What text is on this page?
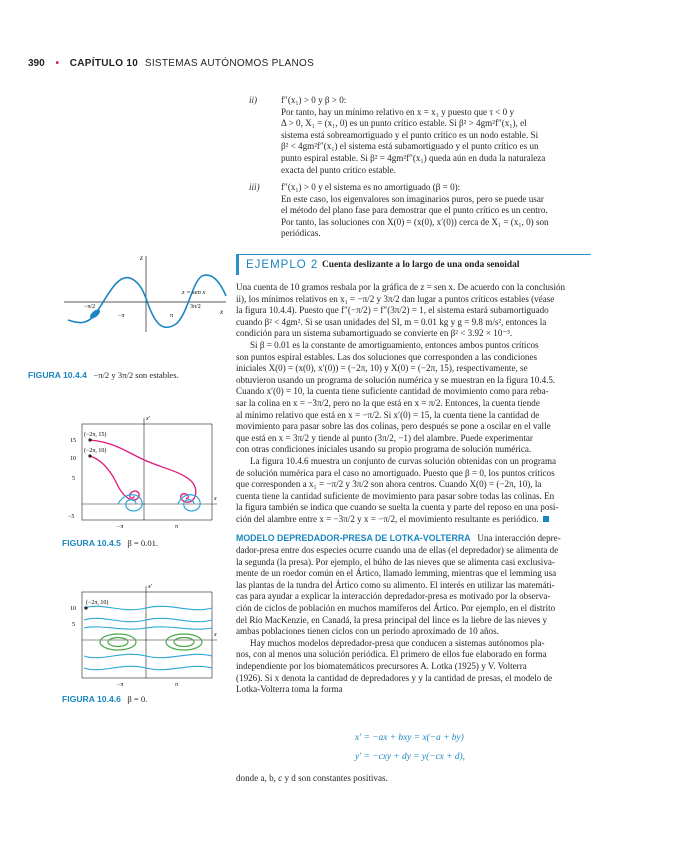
390 • CAPÍTULO 10 SISTEMAS AUTÓNOMOS PLANOS
ii)	f″(x₁) > 0 y β > 0:
Por tanto, hay un mínimo relativo en x = x₁ y puesto que τ < 0 y
Δ > 0, X₁ = (x₁, 0) es un punto crítico estable. Si β² > 4gm²f″(x₁), el
sistema está sobreamortiguado y el punto crítico es un nodo estable. Si
β² < 4gm²f″(x₁) el sistema está subamortiguado y el punto crítico es un
punto espiral estable. Si β² = 4gm²f″(x₁) queda aún en duda la naturaleza
exacta del punto crítico estable.
iii) f″(x₁) > 0 y el sistema es no amortiguado (β = 0):
En este caso, los eigenvalores son imaginarios puros, pero se puede usar
el método del plano fase para demostrar que el punto crítico es un centro.
Por tanto, las soluciones con X(0) = (x(0), x′(0)) cerca de X₁ = (x₁, 0) son
periódicas.
EJEMPLO 2 Cuenta deslizante a lo largo de una onda senoidal

Una cuenta de 10 gramos resbala por la gráfica de z = sen x. De acuerdo con la conclusión
ii), los mínimos relativos en x₁ = −π/2 y 3π/2 dan lugar a puntos críticos estables (véase
la figura 10.4.4). Puesto que f″(−π/2) = f″(3π/2) = 1, el sistema estará subamortiguado
cuando β² < 4gm². Si se usan unidades del SI, m = 0.01 kg y g = 9.8 m/s², entonces la
condición para un sistema subamortiguado se convierte en β² < 3.92 × 10⁻³.

Si β = 0.01 es la constante de amortiguamiento, entonces ambos puntos críticos
son puntos espiral estables. Las dos soluciones que corresponden a las condiciones
iniciales X(0) = (x(0), x′(0)) = (−2π, 10) y X(0) = (−2π, 15), respectivamente, se
obtuvieron usando un programa de solución numérica y se muestran en la figura 10.4.5.
Cuando x′(0) = 10, la cuenta tiene suficiente cantidad de movimiento como para reba-
sar la colina en x = −3π/2, pero no la que está en x = π/2. Entonces, la cuenta tiende
al mínimo relativo que está en x = −π/2. Si x′(0) = 15, la cuenta tiene la cantidad de
movimiento para pasar sobre las dos colinas, pero después se pone a oscilar en el valle
que está en x = 3π/2 y tiende al punto (3π/2, −1) del alambre. Puede experimentar
con otras condiciones iniciales usando su propio programa de solución numérica.

La figura 10.4.6 muestra un conjunto de curvas solución obtenidas con un programa
de solución numérica para el caso no amortiguado. Puesto que β = 0, los puntos críticos
que corresponden a x₁ = −π/2 y 3π/2 son ahora centros. Cuando X(0) = (−2π, 10), la
cuenta tiene la cantidad suficiente de movimiento para pasar sobre todas las colinas. En
la figura también se indica que cuando se suelta la cuenta y parte del reposo en una posi-
ción del alambre entre x = −3π/2 y x = −π/2, el movimiento resultante es periódico.

MODELO DEPREDADOR-PRESA DE LOTKA-VOLTERRA Una interacción depre-
dador-presa entre dos especies ocurre cuando una de ellas (el depredador) se alimenta de
la segunda (la presa). Por ejemplo, el búho de las nieves que se alimenta casi exclusiva-
mente de un roedor común en el Ártico, llamado lemming, mientras que el lemming usa
las plantas de la tundra del Ártico como su alimento. El interés en utilizar las matemáti-
cas para ayudar a explicar la interacción depredador-presa es motivado por la observa-
ción de ciclos de población en muchos mamíferos del Ártico. Por ejemplo, en el distrito
del Río MacKenzie, en Canadá, la presa principal del lince es la liebre de las nieves y
ambas poblaciones tienen ciclos con un periodo aproximado de 10 años.

Hay muchos modelos depredador-presa que conducen a sistemas autónomos pla-
nos, con al menos una solución periódica. El primero de ellos fue elaborado en forma
independiente por los biomatemáticos precursores A. Lotka (1925) y V. Volterra
(1926). Si x denota la cantidad de depredadores y y la cantidad de presas, el modelo de
Lotka-Volterra toma la forma

x′ = −ax + bxy = x(−a + by)
y′ = −cxy + dy = y(−cx + d),
donde a, b, c y d son constantes positivas.
z
x
z = sen x
−π/2	3π/2
−π	π
FIGURA 10.4.4 −π/2 y 3π/2 son estables.
x′
x
15
10
5
−5
−π	π
(−2π, 15)
(−2π, 10)
FIGURA 10.4.5 β = 0.01.
x′
x
10
5
−π	π
(−2π, 10)
FIGURA 10.4.6 β = 0.
